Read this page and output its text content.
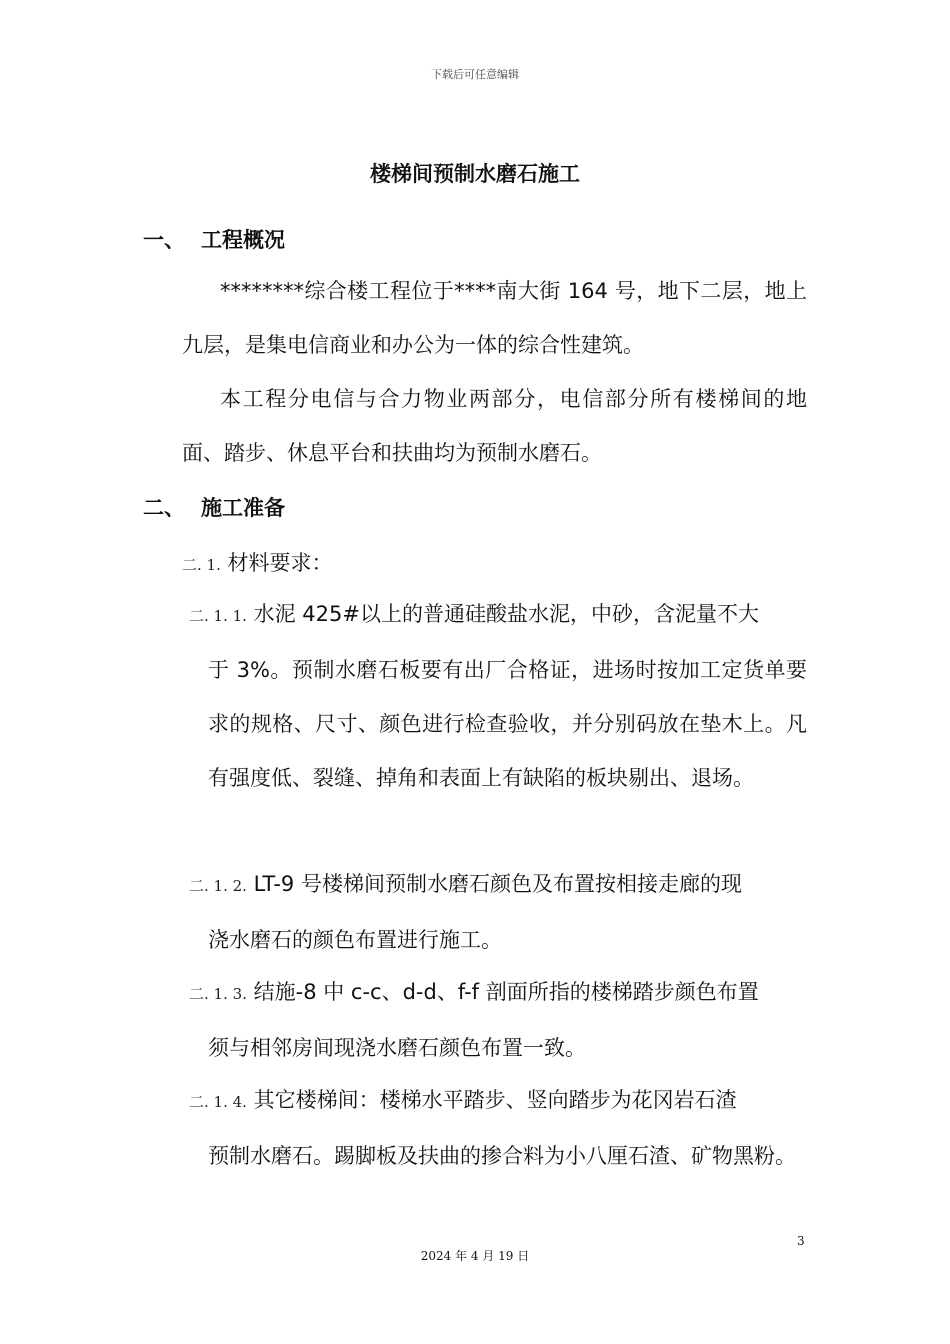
下载后可任意编辑
楼梯间预制水磨石施工
一、 工程概况

********综合楼工程位于****南大街 164 号，地下二层，地上九层，是集电信商业和办公为一体的综合性建筑。

本工程分电信与合力物业两部分，电信部分所有楼梯间的地面、踏步、休息平台和扶曲均为预制水磨石。

二、 施工准备
二. 1. 材料要求：
二. 1. 1. 水泥 425#以上的普通硅酸盐水泥，中砂，含泥量不大
于 3%。预制水磨石板要有出厂合格证，进场时按加工定货单要求的规格、尺寸、颜色进行检查验收，并分别码放在垫木上。凡有强度低、裂缝、掉角和表面上有缺陷的板块剔出、退场。
二. 1. 2. LT-9 号楼梯间预制水磨石颜色及布置按相接走廊的现
浇水磨石的颜色布置进行施工。
二. 1. 3. 结施-8 中 c-c、d-d、f-f 剖面所指的楼梯踏步颜色布置
须与相邻房间现浇水磨石颜色布置一致。
二. 1. 4. 其它楼梯间：楼梯水平踏步、竖向踏步为花冈岩石渣
预制水磨石。踢脚板及扶曲的掺合料为小八厘石渣、矿物黑粉。
3
2024 年 4 月 19 日
